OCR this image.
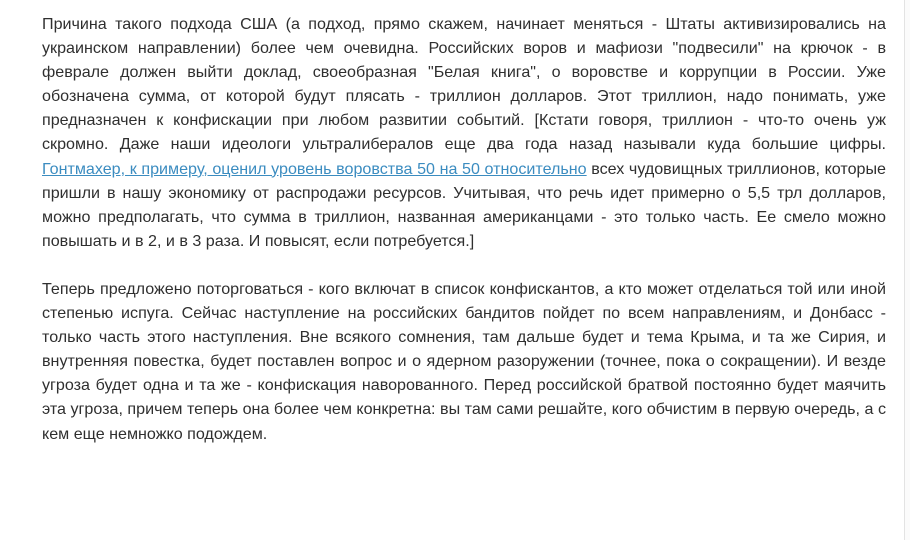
Причина такого подхода США (а подход, прямо скажем, начинает меняться - Штаты активизировались на украинском направлении) более чем очевидна. Российских воров и мафиози "подвесили" на крючок - в феврале должен выйти доклад, своеобразная "Белая книга", о воровстве и коррупции в России. Уже обозначена сумма, от которой будут плясать - триллион долларов. Этот триллион, надо понимать, уже предназначен к конфискации при любом развитии событий. [Кстати говоря, триллион - что-то очень уж скромно. Даже наши идеологи ультралибералов еще два года назад называли куда большие цифры. Гонтмахер, к примеру, оценил уровень воровства 50 на 50 относительно всех чудовищных триллионов, которые пришли в нашу экономику от распродажи ресурсов. Учитывая, что речь идет примерно о 5,5 трл долларов, можно предполагать, что сумма в триллион, названная американцами - это только часть. Ее смело можно повышать и в 2, и в 3 раза. И повысят, если потребуется.]

Теперь предложено поторговаться - кого включат в список конфискантов, а кто может отделаться той или иной степенью испуга. Сейчас наступление на российских бандитов пойдет по всем направлениям, и Донбасс - только часть этого наступления. Вне всякого сомнения, там дальше будет и тема Крыма, и та же Сирия, и внутренняя повестка, будет поставлен вопрос и о ядерном разоружении (точнее, пока о сокращении). И везде угроза будет одна и та же - конфискация наворованного. Перед российской братвой постоянно будет маячить эта угроза, причем теперь она более чем конкретна: вы там сами решайте, кого обчистим в первую очередь, а с кем еще немножко подождем.
